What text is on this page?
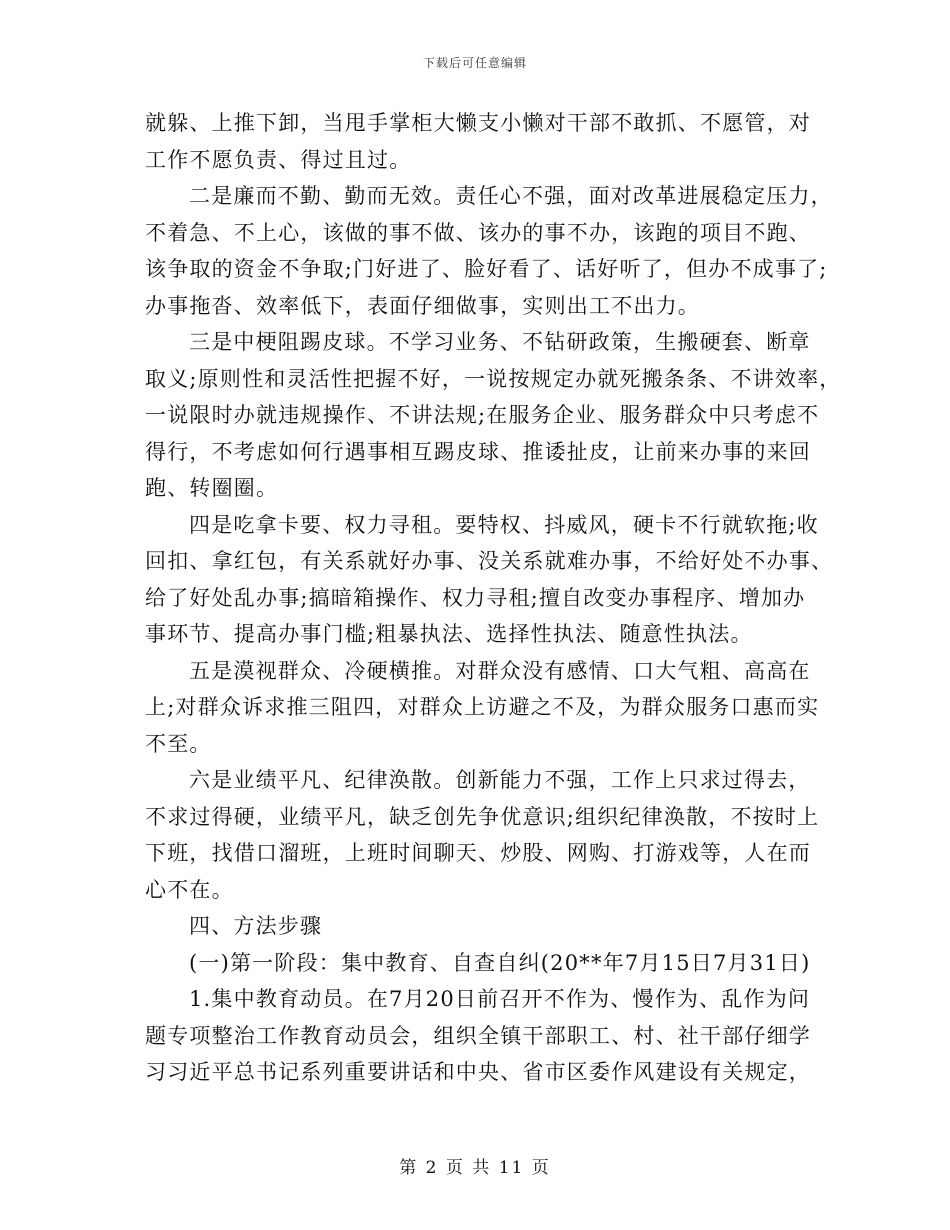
下载后可任意编辑
就躲、上推下卸，当甩手掌柜大懒支小懒对干部不敢抓、不愿管，对
工作不愿负责、得过且过。
二是廉而不勤、勤而无效。责任心不强，面对改革进展稳定压力，
不着急、不上心，该做的事不做、该办的事不办，该跑的项目不跑、
该争取的资金不争取;门好进了、脸好看了、话好听了，但办不成事了;
办事拖沓、效率低下，表面仔细做事，实则出工不出力。
三是中梗阻踢皮球。不学习业务、不钻研政策，生搬硬套、断章
取义;原则性和灵活性把握不好，一说按规定办就死搬条条、不讲效率，
一说限时办就违规操作、不讲法规;在服务企业、服务群众中只考虑不
得行，不考虑如何行遇事相互踢皮球、推诿扯皮，让前来办事的来回
跑、转圈圈。
四是吃拿卡要、权力寻租。要特权、抖威风，硬卡不行就软拖;收
回扣、拿红包，有关系就好办事、没关系就难办事，不给好处不办事、
给了好处乱办事;搞暗箱操作、权力寻租;擅自改变办事程序、增加办
事环节、提高办事门槛;粗暴执法、选择性执法、随意性执法。
五是漠视群众、冷硬横推。对群众没有感情、口大气粗、高高在
上;对群众诉求推三阻四，对群众上访避之不及，为群众服务口惠而实
不至。
六是业绩平凡、纪律涣散。创新能力不强，工作上只求过得去，
不求过得硬，业绩平凡，缺乏创先争优意识;组织纪律涣散，不按时上
下班，找借口溜班，上班时间聊天、炒股、网购、打游戏等，人在而
心不在。
四、方法步骤
(一)第一阶段：集中教育、自查自纠(20**年7月15日7月31日)
1.集中教育动员。在7月20日前召开不作为、慢作为、乱作为问
题专项整治工作教育动员会，组织全镇干部职工、村、社干部仔细学
习习近平总书记系列重要讲话和中央、省市区委作风建设有关规定，
第 2 页 共 11 页
